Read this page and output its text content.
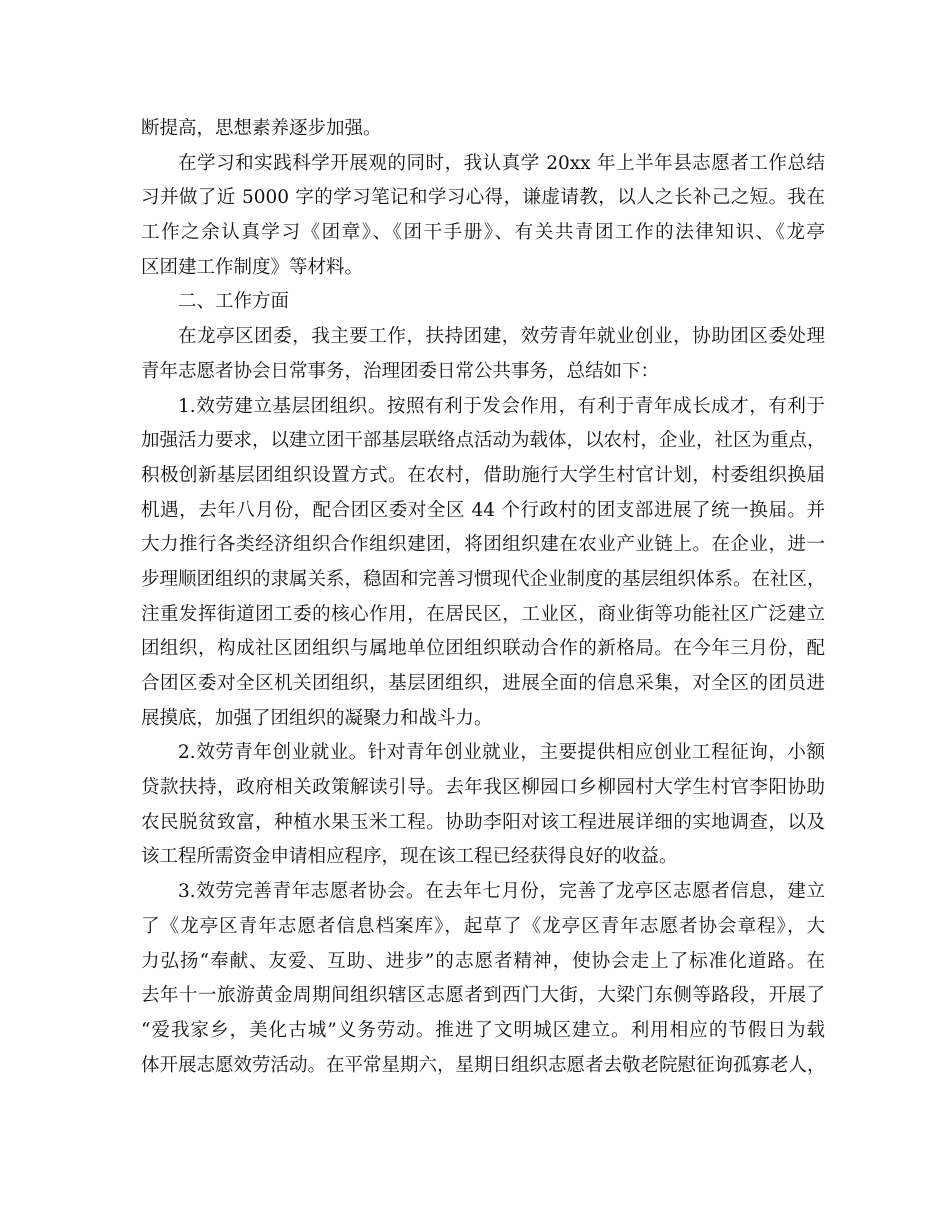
断提高，思想素养逐步加强。
在学习和实践科学开展观的同时，我认真学 20xx 年上半年县志愿者工作总结
习并做了近 5000 字的学习笔记和学习心得，谦虚请教，以人之长补己之短。我在
工作之余认真学习《团章》、《团干手册》、有关共青团工作的法律知识、《龙亭
区团建工作制度》等材料。
二、工作方面
在龙亭区团委，我主要工作，扶持团建，效劳青年就业创业，协助团区委处理
青年志愿者协会日常事务，治理团委日常公共事务，总结如下：
1.效劳建立基层团组织。按照有利于发会作用，有利于青年成长成才，有利于
加强活力要求，以建立团干部基层联络点活动为载体，以农村，企业，社区为重点，
积极创新基层团组织设置方式。在农村，借助施行大学生村官计划，村委组织换届
机遇，去年八月份，配合团区委对全区 44 个行政村的团支部进展了统一换届。并
大力推行各类经济组织合作组织建团，将团组织建在农业产业链上。在企业，进一
步理顺团组织的隶属关系，稳固和完善习惯现代企业制度的基层组织体系。在社区，
注重发挥街道团工委的核心作用，在居民区，工业区，商业街等功能社区广泛建立
团组织，构成社区团组织与属地单位团组织联动合作的新格局。在今年三月份，配
合团区委对全区机关团组织，基层团组织，进展全面的信息采集，对全区的团员进
展摸底，加强了团组织的凝聚力和战斗力。
2.效劳青年创业就业。针对青年创业就业，主要提供相应创业工程征询，小额
贷款扶持，政府相关政策解读引导。去年我区柳园口乡柳园村大学生村官李阳协助
农民脱贫致富，种植水果玉米工程。协助李阳对该工程进展详细的实地调查，以及
该工程所需资金申请相应程序，现在该工程已经获得良好的收益。
3.效劳完善青年志愿者协会。在去年七月份，完善了龙亭区志愿者信息，建立
了《龙亭区青年志愿者信息档案库》，起草了《龙亭区青年志愿者协会章程》，大
力弘扬“奉献、友爱、互助、进步”的志愿者精神，使协会走上了标准化道路。在
去年十一旅游黄金周期间组织辖区志愿者到西门大街，大梁门东侧等路段，开展了
“爱我家乡，美化古城”义务劳动。推进了文明城区建立。利用相应的节假日为载
体开展志愿效劳活动。在平常星期六，星期日组织志愿者去敬老院慰征询孤寡老人，
